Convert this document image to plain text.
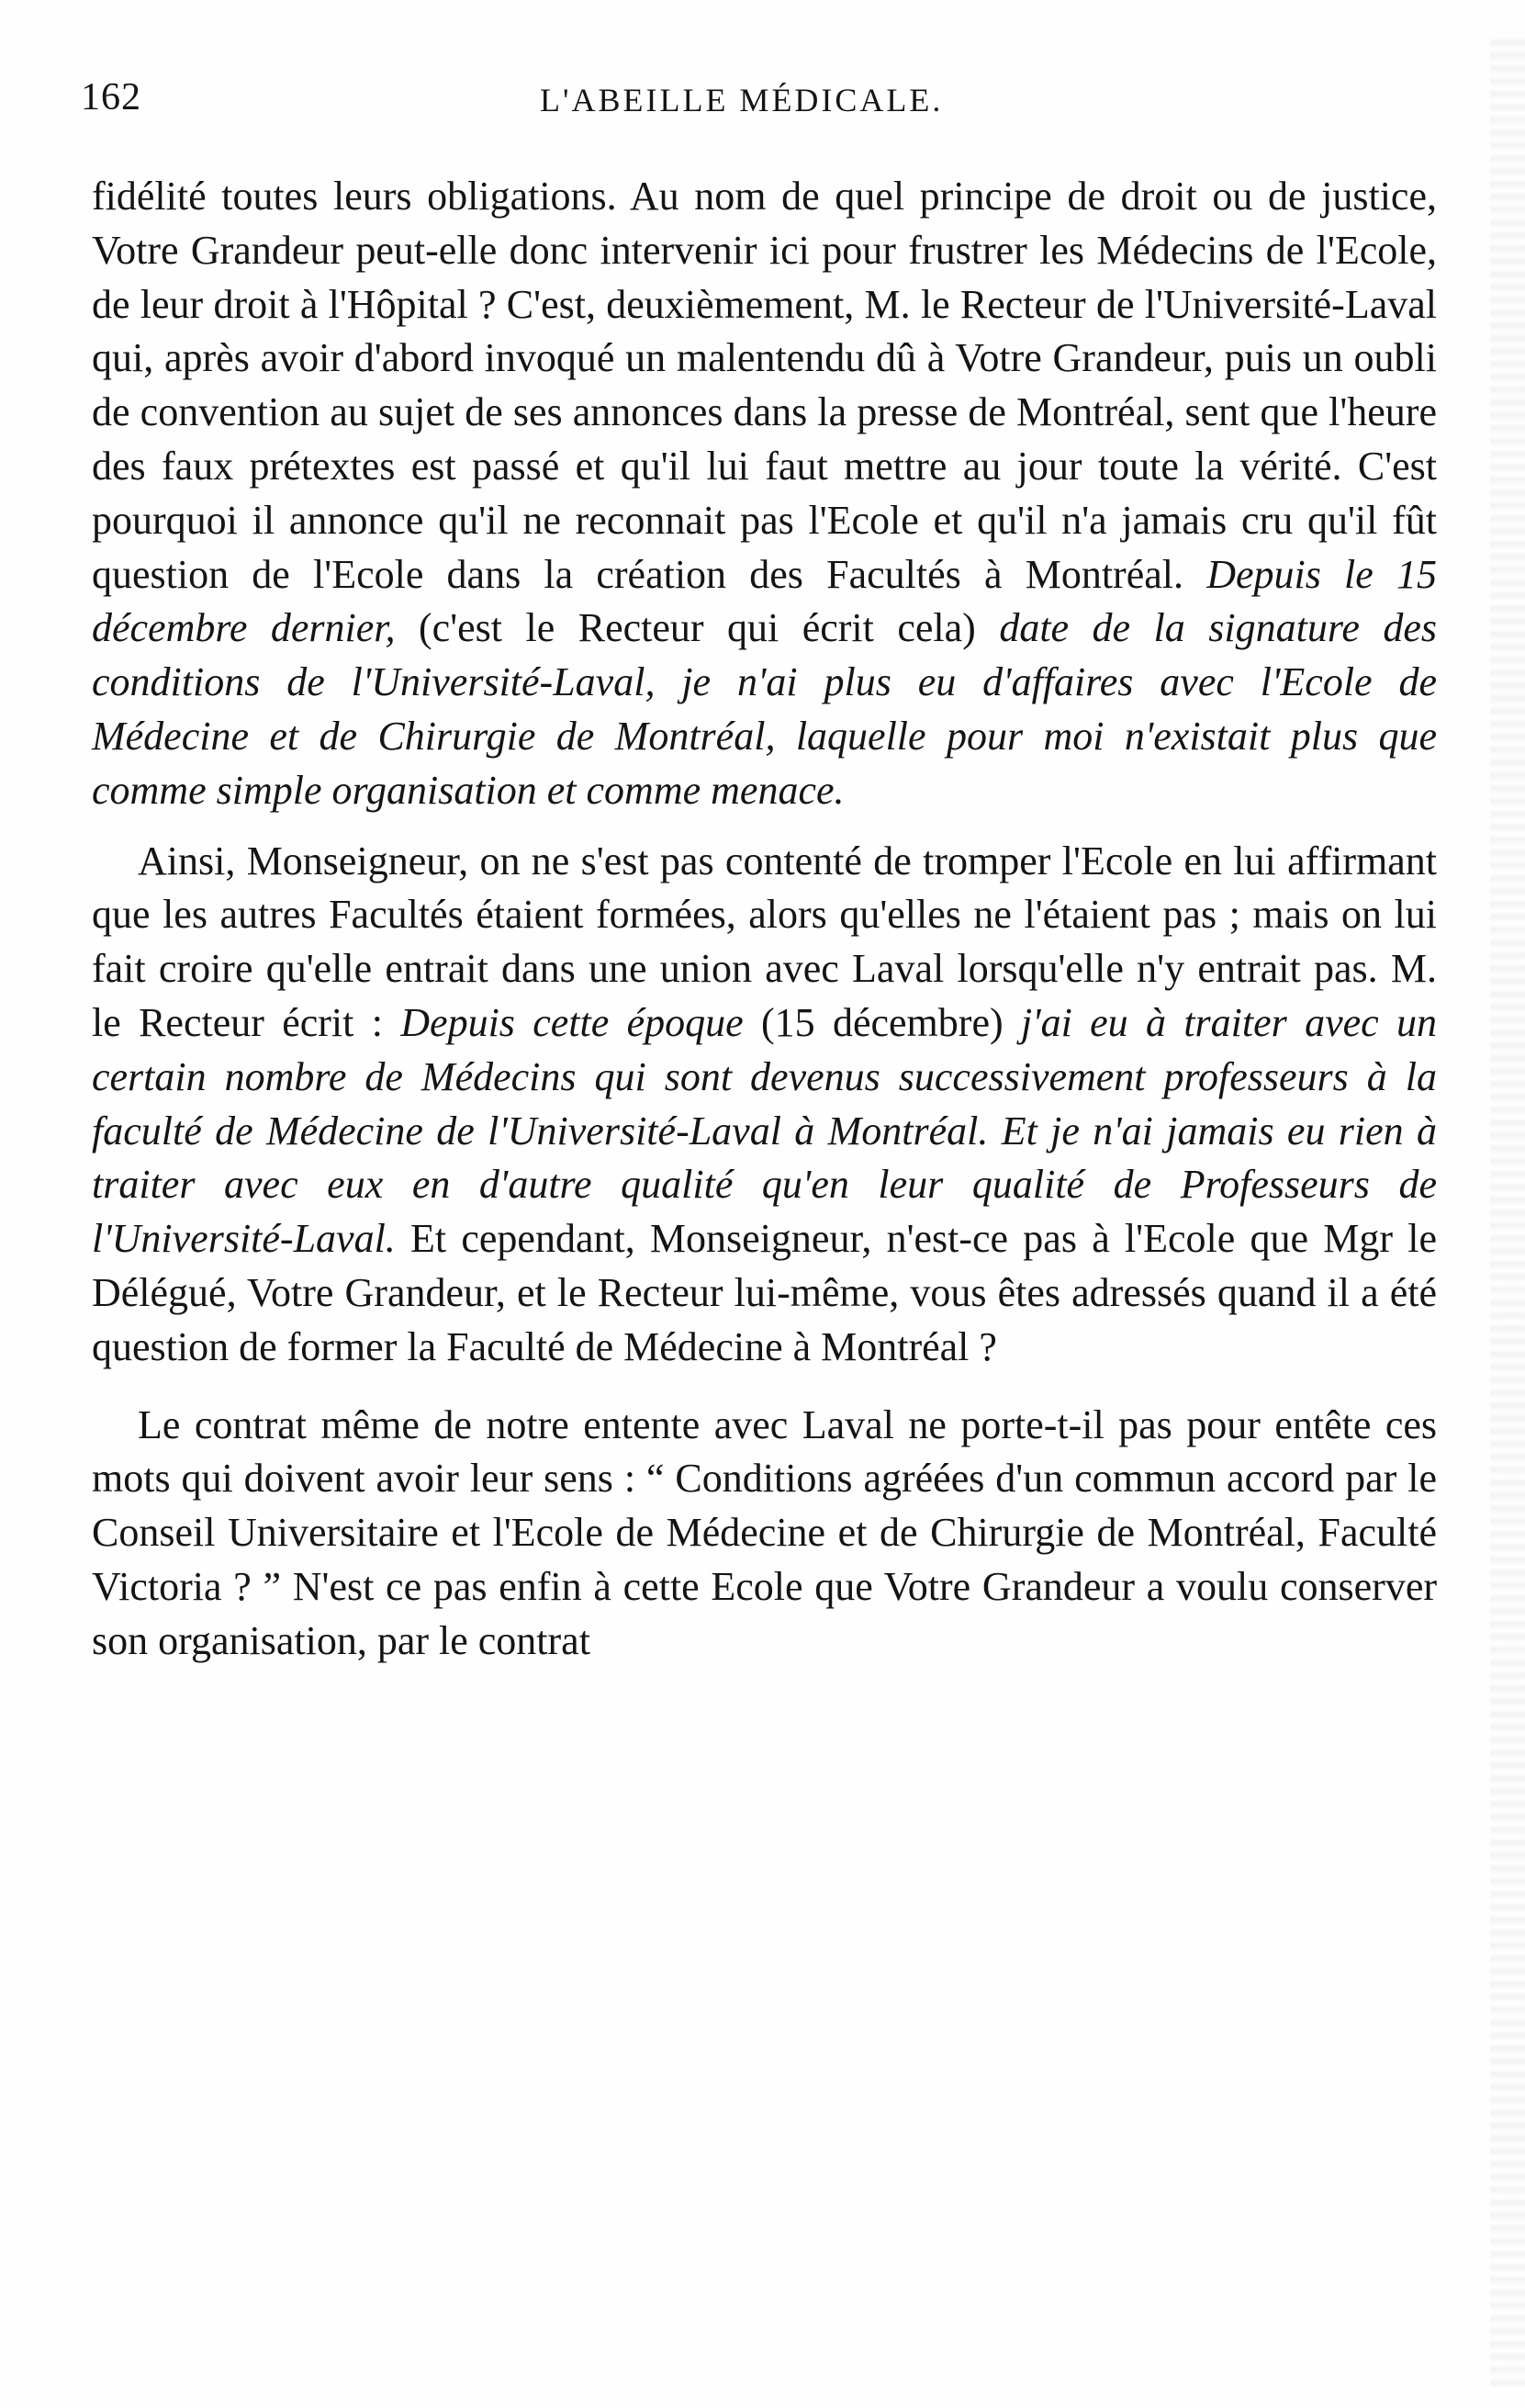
162	L'ABEILLE MÉDICALE.

fidélité toutes leurs obligations. Au nom de quel principe de droit ou de justice, Votre Grandeur peut-elle donc intervenir ici pour frustrer les Médecins de l'Ecole, de leur droit à l'Hôpital ? C'est, deuxièmement, M. le Recteur de l'Université-Laval qui, après avoir d'abord invoqué un malentendu dû à Votre Grandeur, puis un oubli de convention au sujet de ses annonces dans la presse de Montréal, sent que l'heure des faux prétextes est passé et qu'il lui faut mettre au jour toute la vérité. C'est pourquoi il annonce qu'il ne reconnait pas l'Ecole et qu'il n'a jamais cru qu'il fût question de l'Ecole dans la création des Facultés à Montréal. Depuis le 15 décembre dernier, (c'est le Recteur qui écrit cela) date de la signature des conditions de l'Université-Laval, je n'ai plus eu d'affaires avec l'Ecole de Médecine et de Chirurgie de Montréal, laquelle pour moi n'existait plus que comme simple organisation et comme menace.

Ainsi, Monseigneur, on ne s'est pas contenté de tromper l'Ecole en lui affirmant que les autres Facultés étaient formées, alors qu'elles ne l'étaient pas ; mais on lui fait croire qu'elle entrait dans une union avec Laval lorsqu'elle n'y entrait pas. M. le Recteur écrit : Depuis cette époque (15 décembre) j'ai eu à traiter avec un certain nombre de Médecins qui sont devenus successivement professeurs à la faculté de Médecine de l'Université-Laval à Montréal. Et je n'ai jamais eu rien à traiter avec eux en d'autre qualité qu'en leur qualité de Professeurs de l'Université-Laval. Et cependant, Monseigneur, n'est-ce pas à l'Ecole que Mgr le Délégué, Votre Grandeur, et le Recteur lui-même, vous êtes adressés quand il a été question de former la Faculté de Médecine à Montréal ?

Le contrat même de notre entente avec Laval ne porte-t-il pas pour entête ces mots qui doivent avoir leur sens : “ Conditions agréées d'un commun accord par le Conseil Universitaire et l'Ecole de Médecine et de Chirurgie de Montréal, Faculté Victoria ? ” N'est ce pas enfin à cette Ecole que Votre Grandeur a voulu conserver son organisation, par le contrat
